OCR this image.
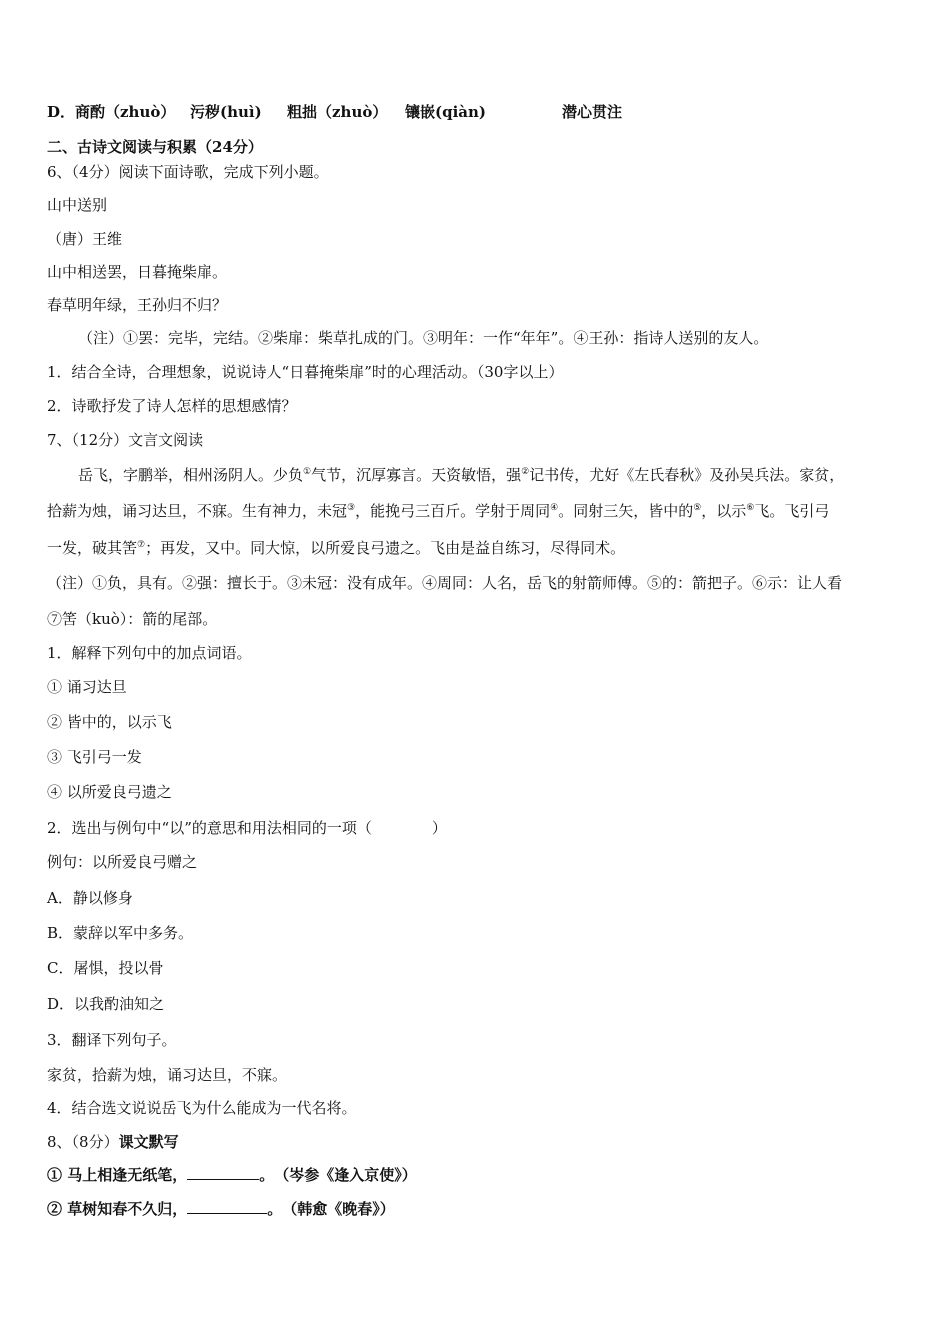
D．商酌（zhuò） 污秽(huì) 粗拙（zhuò） 镶嵌(qiàn)	潜心贯注
二、古诗文阅读与积累（24分）
6、（4分）阅读下面诗歌，完成下列小题。
山中送别
（唐）王维
山中相送罢，日暮掩柴扉。
春草明年绿，王孙归不归？
（注）①罢：完毕，完结。②柴扉：柴草扎成的门。③明年：一作“年年”。④王孙：指诗人送别的友人。
1．结合全诗，合理想象，说说诗人“日暮掩柴扉”时的心理活动。（30字以上）
2．诗歌抒发了诗人怎样的思想感情？
7、（12分）文言文阅读
岳飞，字鹏举，相州汤阴人。少负①气节，沉厚寡言。天资敏悟，强②记书传，尤好《左氏春秋》及孙吴兵法。家贫，
拾薪为烛，诵习达旦，不寐。生有神力，未冠③，能挽弓三百斤。学射于周同④。同射三矢，皆中的⑤，以示⑥飞。飞引弓
一发，破其筈⑦；再发，又中。同大惊，以所爱良弓遗之。飞由是益自练习，尽得同术。
（注）①负，具有。②强：擅长于。③未冠：没有成年。④周同：人名，岳飞的射箭师傅。⑤的：箭把子。⑥示：让人看
⑦筈（kuò）：箭的尾部。
1．解释下列句中的加点词语。
① 诵习达旦
② 皆中的，以示飞
③ 飞引弓一发
④ 以所爱良弓遗之
2．选出与例句中“以”的意思和用法相同的一项（　　　　）
例句：以所爱良弓赠之
A．静以修身
B．蒙辞以军中多务。
C．屠惧，投以骨
D．以我酌油知之
3．翻译下列句子。
家贫，拾薪为烛，诵习达旦，不寐。
4．结合选文说说岳飞为什么能成为一代名将。
8、（8分）课文默写
① 马上相逢无纸笔，	。　（岑参《逢入京使》）
② 草树知春不久归，	。　（韩愈《晚春》）
